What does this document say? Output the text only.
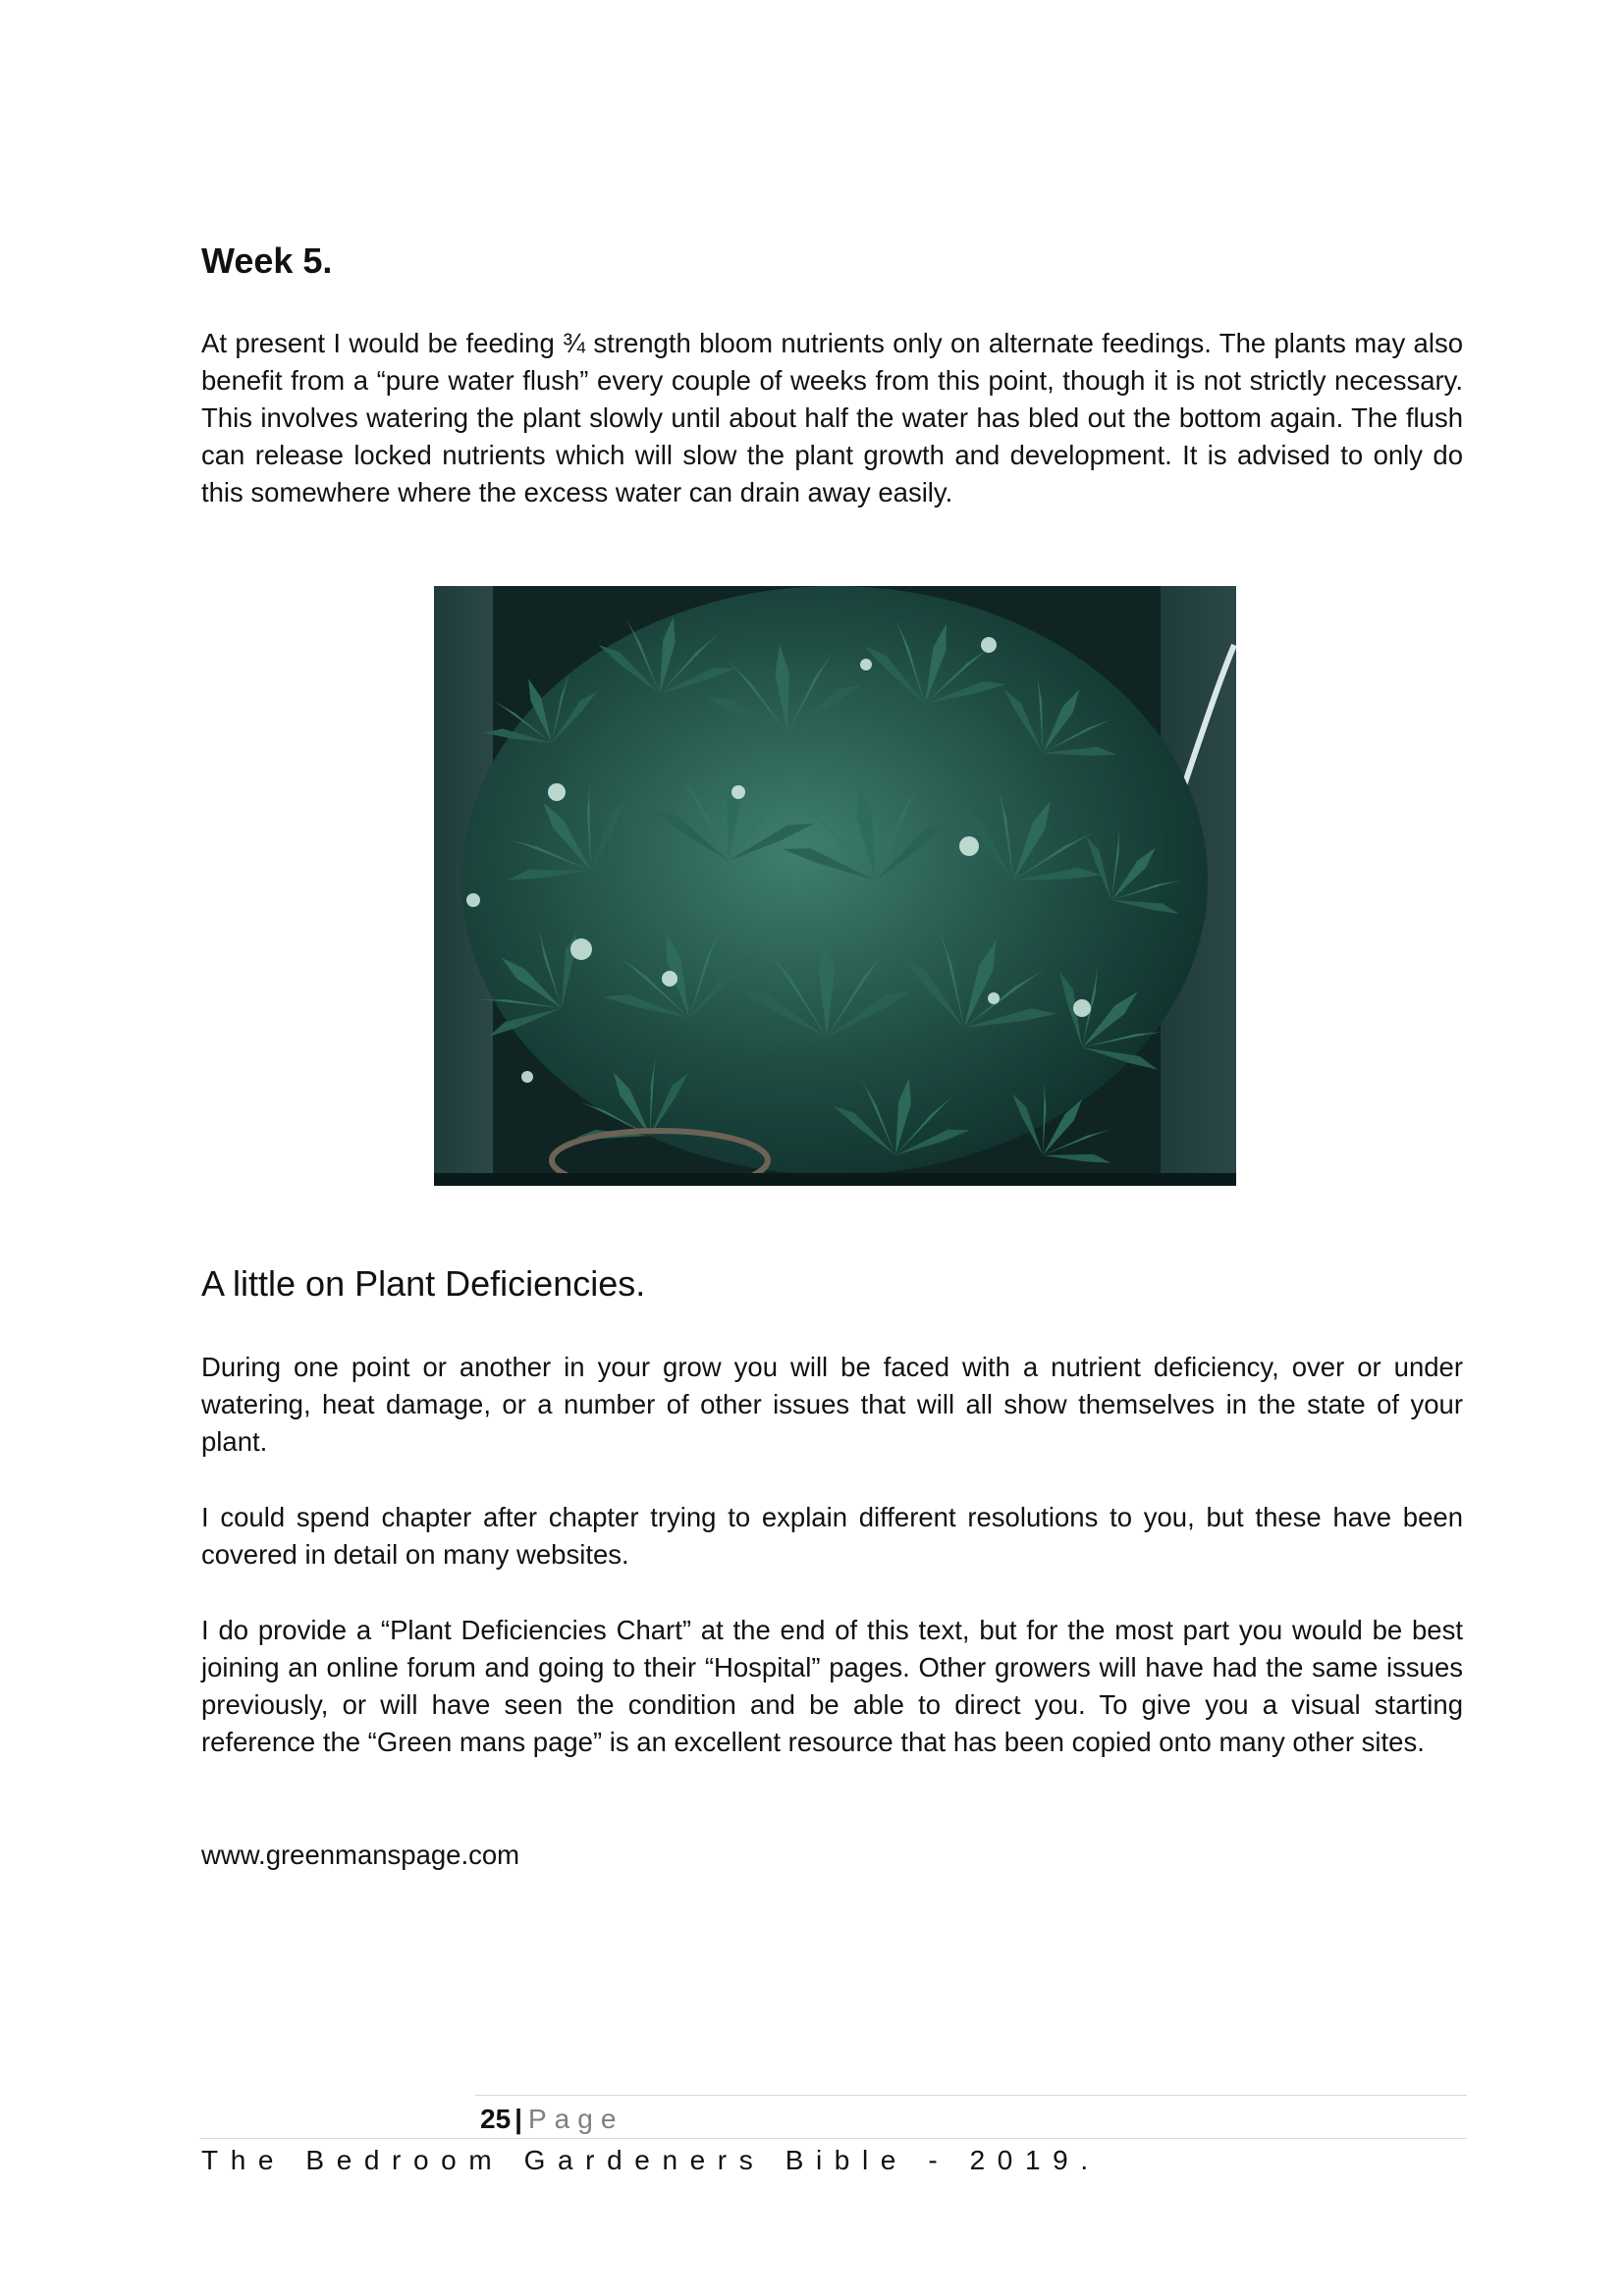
Week 5.

At present I would be feeding ¾ strength bloom nutrients only on alternate feedings. The plants may also benefit from a “pure water flush” every couple of weeks from this point, though it is not strictly necessary. This involves watering the plant slowly until about half the water has bled out the bottom again. The flush can release locked nutrients which will slow the plant growth and development. It is advised to only do this somewhere where the excess water can drain away easily.

A little on Plant Deficiencies.

During one point or another in your grow you will be faced with a nutrient deficiency, over or under watering, heat damage, or a number of other issues that will all show themselves in the state of your plant.

I could spend chapter after chapter trying to explain different resolutions to you, but these have been covered in detail on many websites.

I do provide a “Plant Deficiencies Chart” at the end of this text, but for the most part you would be best joining an online forum and going to their “Hospital” pages. Other growers will have had the same issues previously, or will have seen the condition and be able to direct you. To give you a visual starting reference the “Green mans page” is an excellent resource that has been copied onto many other sites.

www.greenmanspage.com

25 | Page
The Bedroom Gardeners Bible - 2019.
